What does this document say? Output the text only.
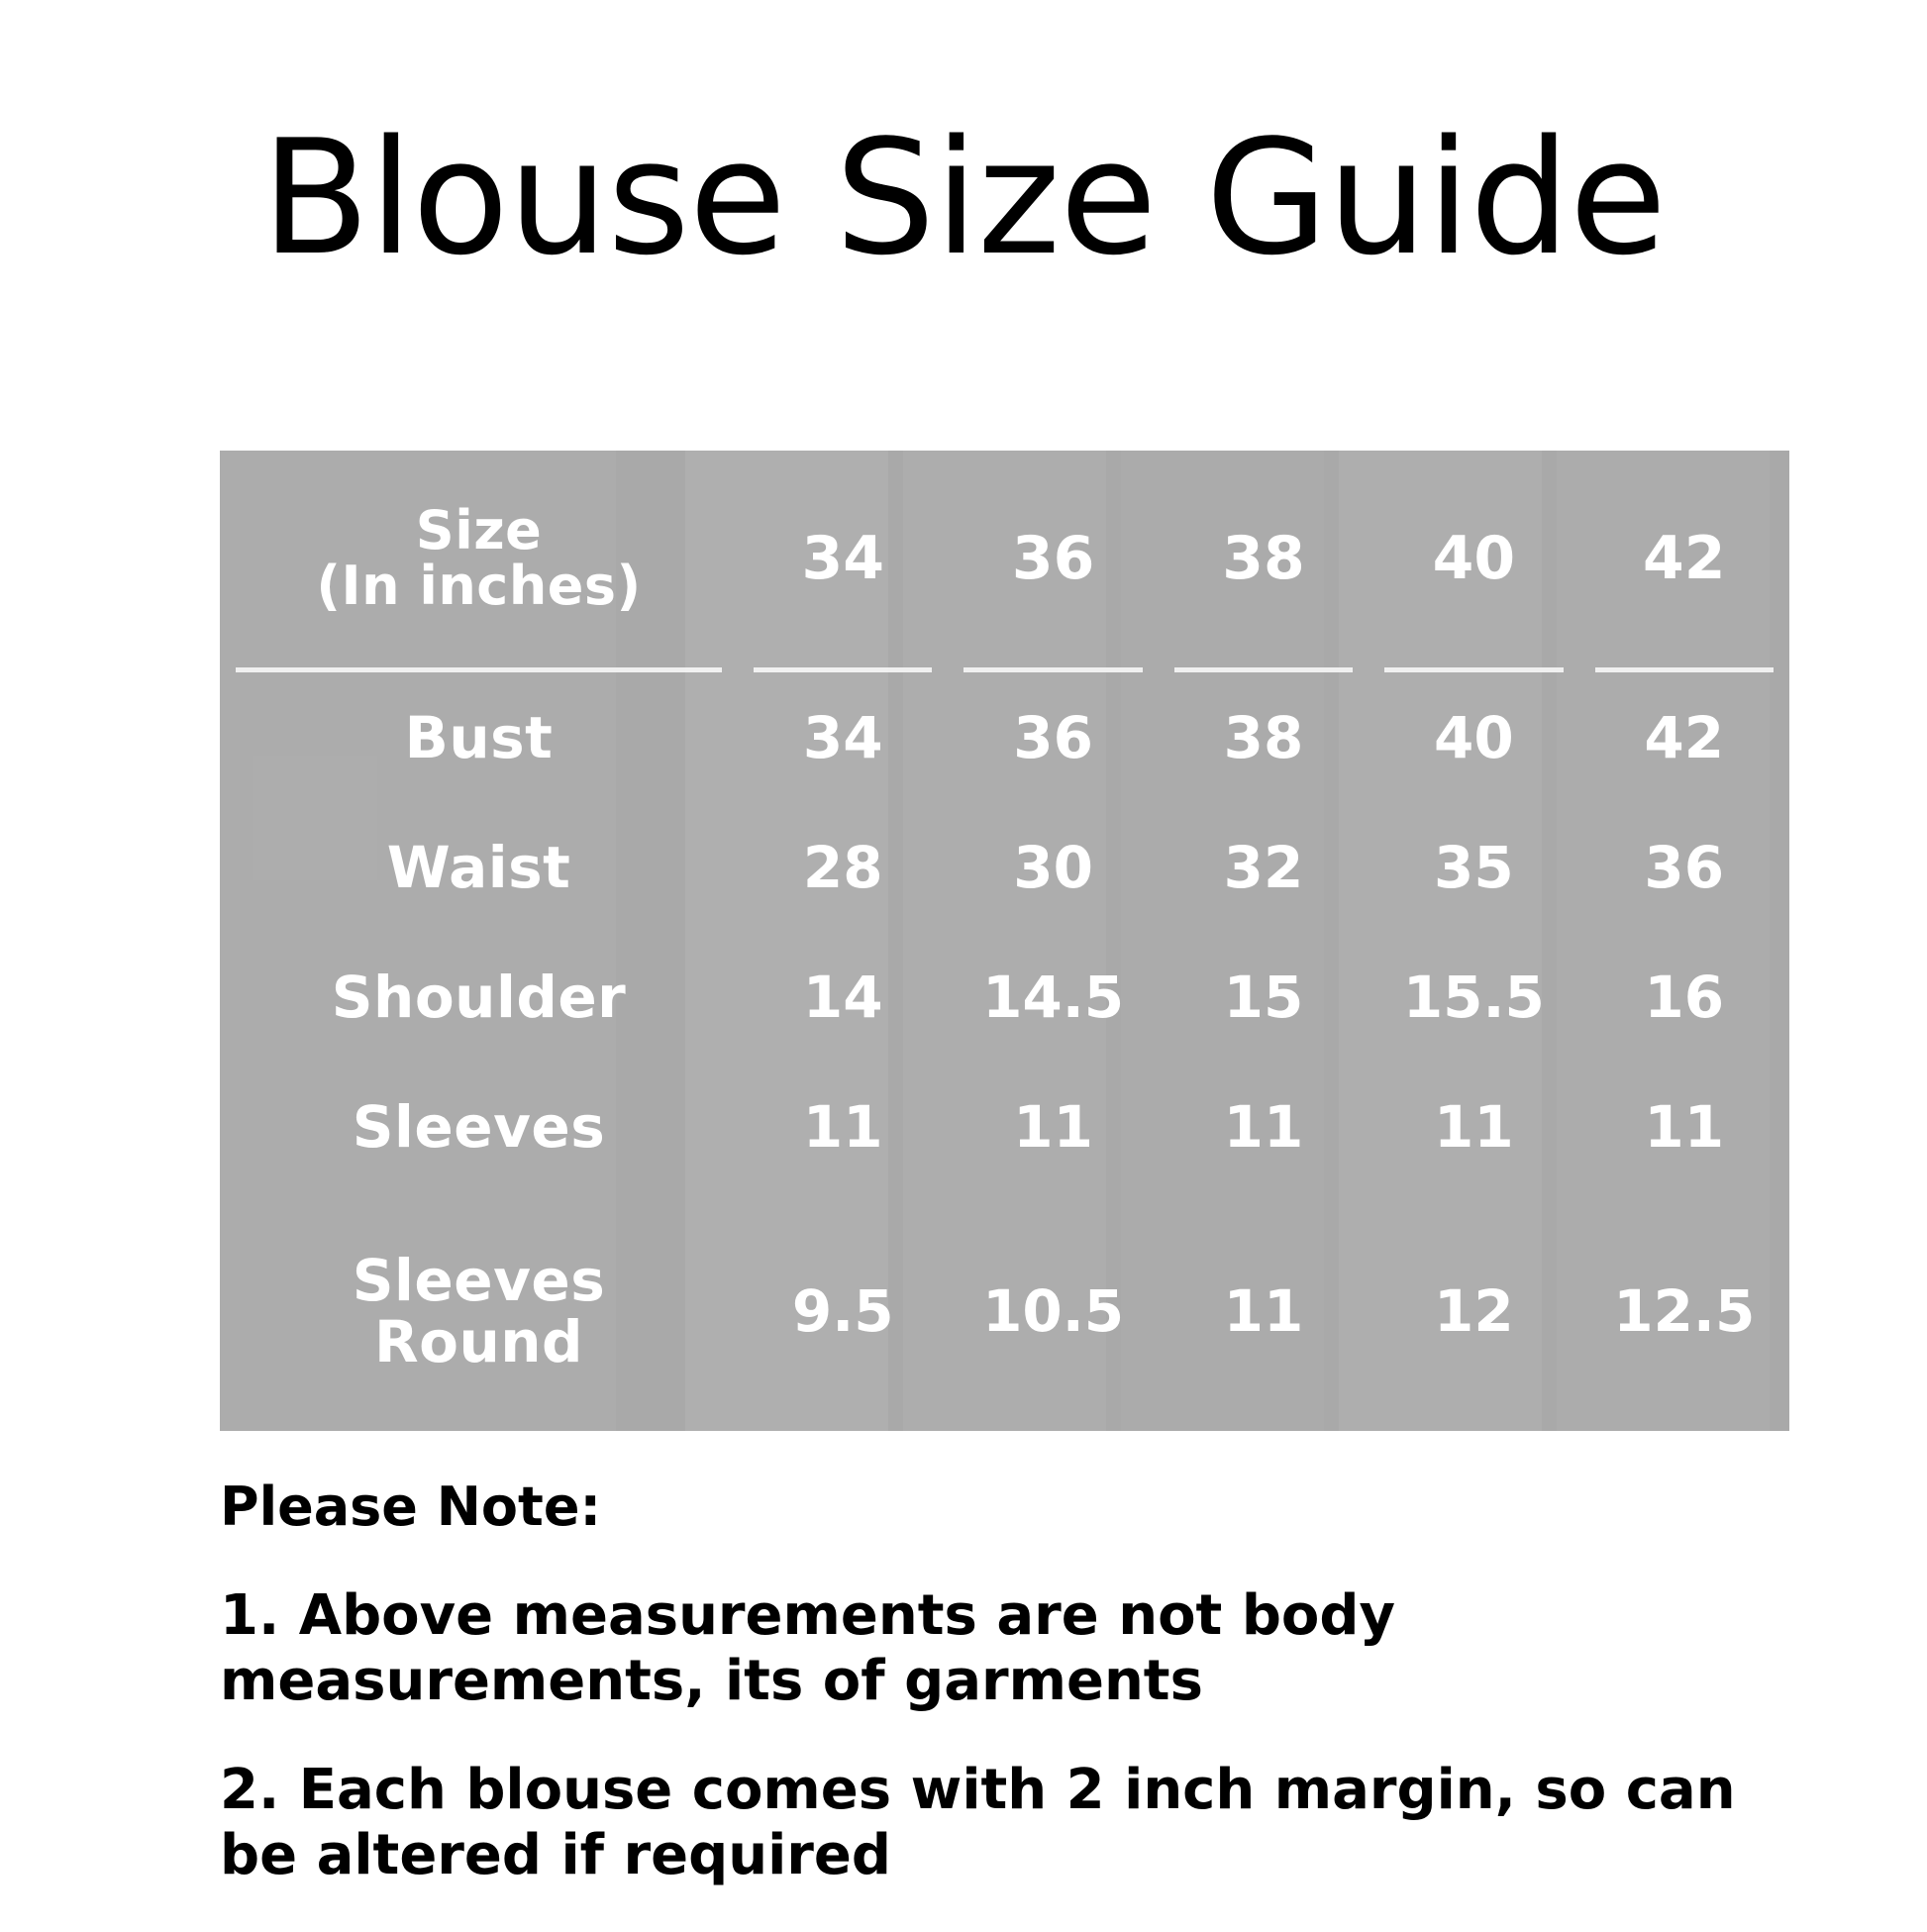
Blouse Size Guide
Size
(In inches)	34	36	38	40	42

Bust	34	36	38	40	42
Waist	28	30	32	35	36
Shoulder	14	14.5	15	15.5	16
Sleeves	11	11	11	11	11

Sleeves
Round	9.5	10.5	11	12	12.5
Please Note:
1. Above measurements are not body measurements, its of garments
2. Each blouse comes with 2 inch margin, so can be altered if required
